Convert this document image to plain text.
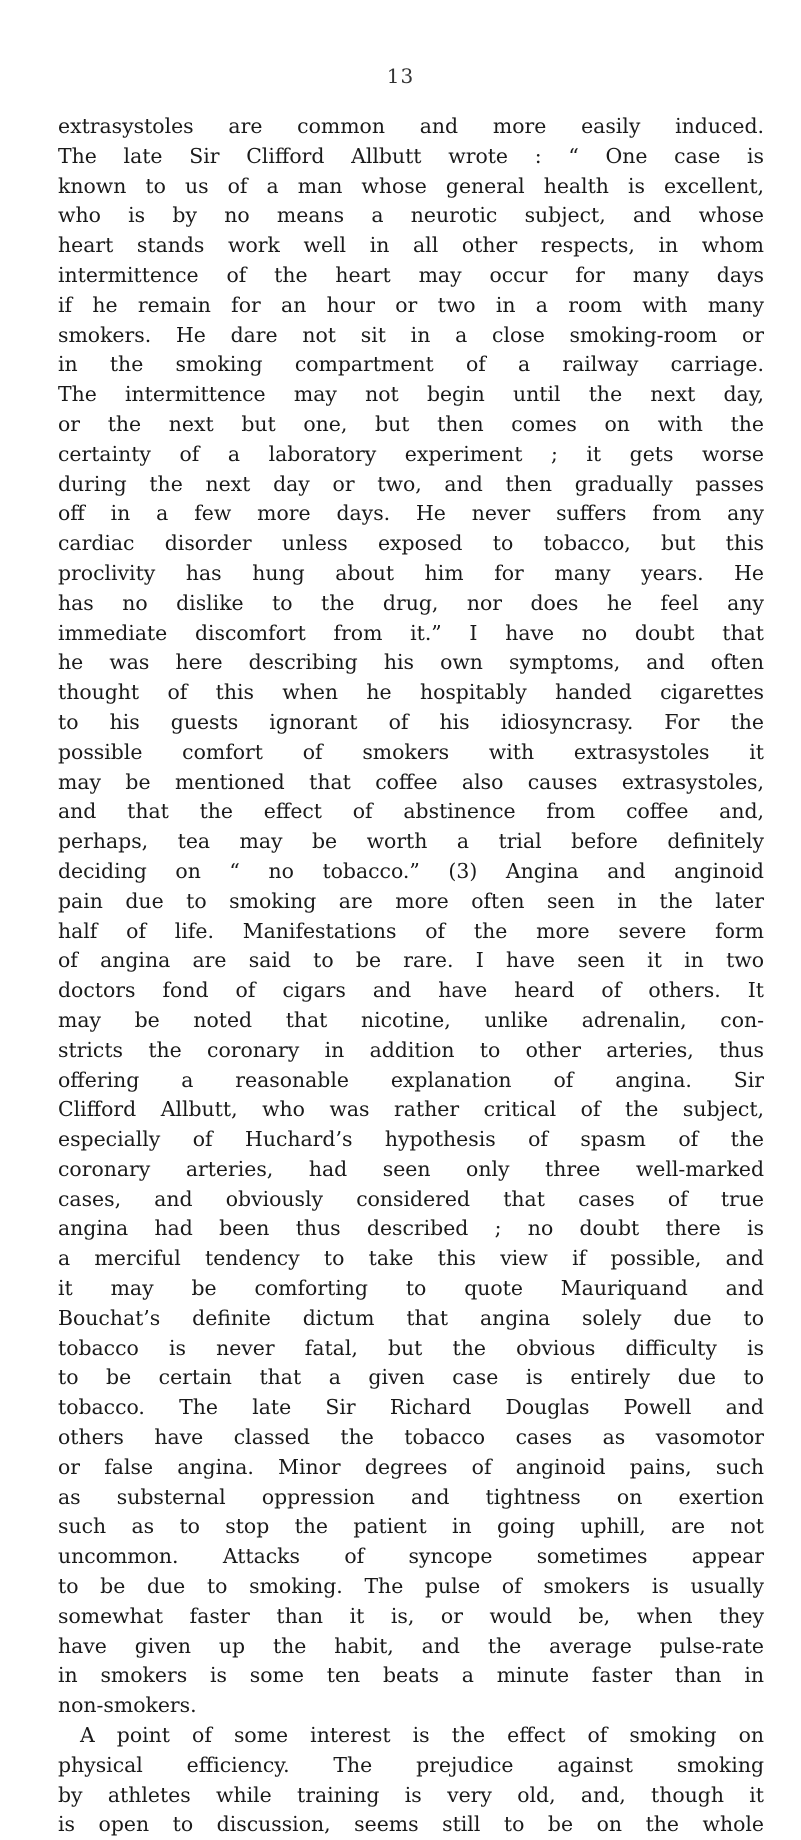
13
extrasystoles are common and more easily induced.
The late Sir Clifford Allbutt wrote : “ One case is
known to us of a man whose general health is excellent,
who is by no means a neurotic subject, and whose
heart stands work well in all other respects, in whom
intermittence of the heart may occur for many days
if he remain for an hour or two in a room with many
smokers. He dare not sit in a close smoking-room or
in the smoking compartment of a railway carriage.
The intermittence may not begin until the next day,
or the next but one, but then comes on with the
certainty of a laboratory experiment ; it gets worse
during the next day or two, and then gradually passes
off in a few more days. He never suffers from any
cardiac disorder unless exposed to tobacco, but this
proclivity has hung about him for many years. He
has no dislike to the drug, nor does he feel any
immediate discomfort from it.” I have no doubt that
he was here describing his own symptoms, and often
thought of this when he hospitably handed cigarettes
to his guests ignorant of his idiosyncrasy. For the
possible comfort of smokers with extrasystoles it
may be mentioned that coffee also causes extrasystoles,
and that the effect of abstinence from coffee and,
perhaps, tea may be worth a trial before definitely
deciding on “ no tobacco.” (3) Angina and anginoid
pain due to smoking are more often seen in the later
half of life. Manifestations of the more severe form
of angina are said to be rare. I have seen it in two
doctors fond of cigars and have heard of others. It
may be noted that nicotine, unlike adrenalin, con-
stricts the coronary in addition to other arteries, thus
offering a reasonable explanation of angina. Sir
Clifford Allbutt, who was rather critical of the subject,
especially of Huchard’s hypothesis of spasm of the
coronary arteries, had seen only three well-marked
cases, and obviously considered that cases of true
angina had been thus described ; no doubt there is
a merciful tendency to take this view if possible, and
it may be comforting to quote Mauriquand and
Bouchat’s definite dictum that angina solely due to
tobacco is never fatal, but the obvious difficulty is
to be certain that a given case is entirely due to
tobacco. The late Sir Richard Douglas Powell and
others have classed the tobacco cases as vasomotor
or false angina. Minor degrees of anginoid pains, such
as substernal oppression and tightness on exertion
such as to stop the patient in going uphill, are not
uncommon. Attacks of syncope sometimes appear
to be due to smoking. The pulse of smokers is usually
somewhat faster than it is, or would be, when they
have given up the habit, and the average pulse-rate
in smokers is some ten beats a minute faster than in
non-smokers.
A point of some interest is the effect of smoking on
physical efficiency. The prejudice against smoking
by athletes while training is very old, and, though it
is open to discussion, seems still to be on the whole
